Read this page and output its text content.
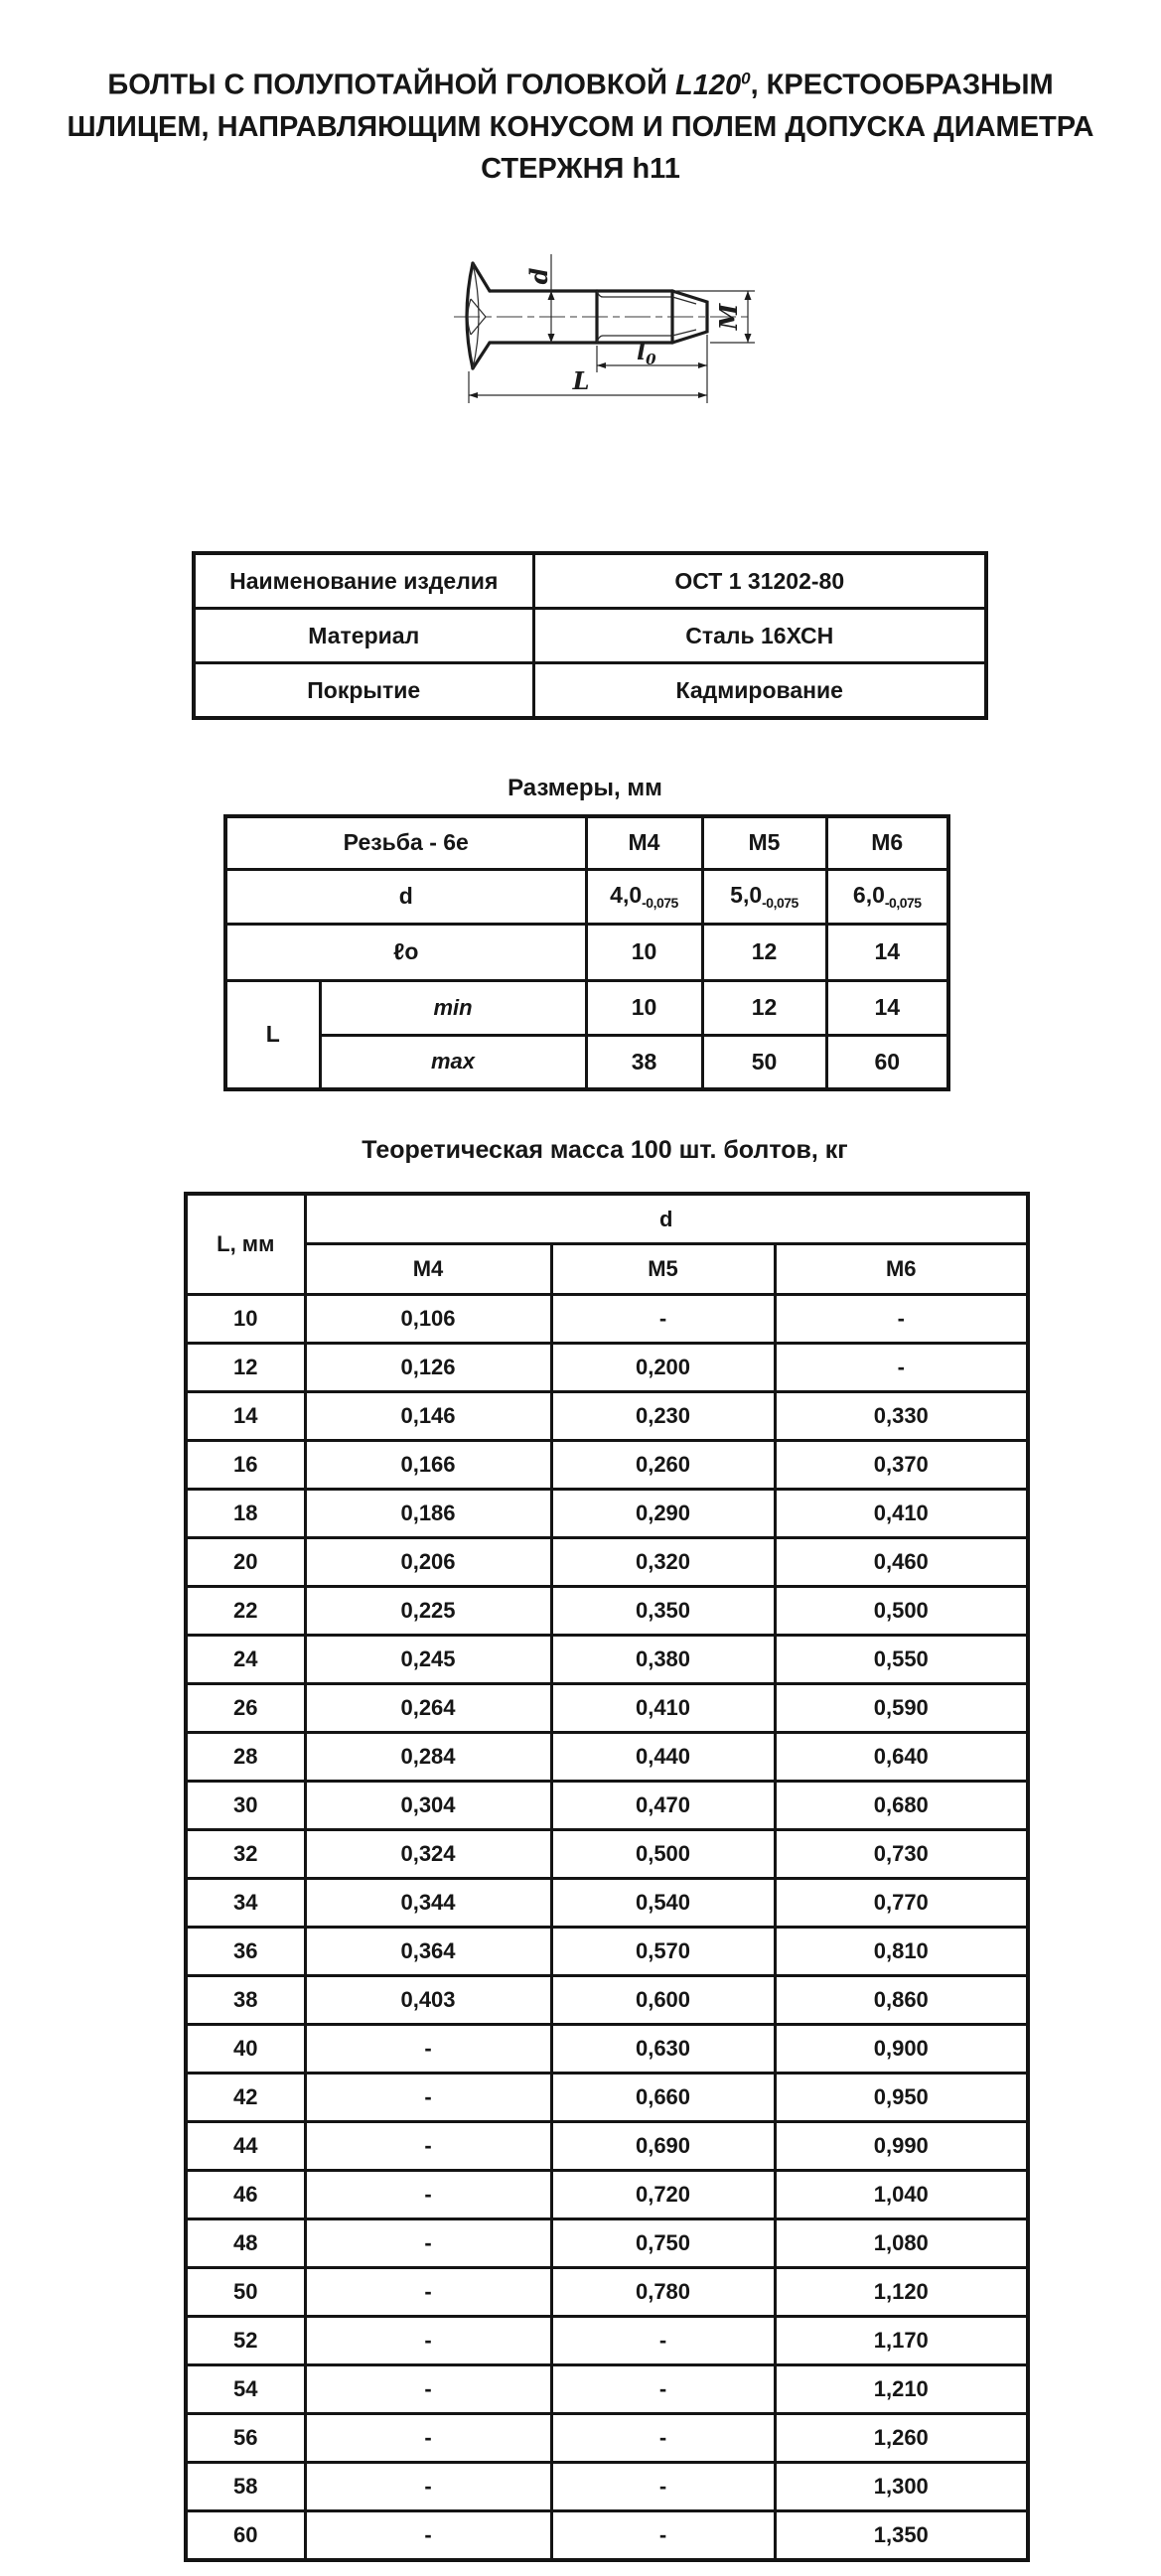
БОЛТЫ С ПОЛУПОТАЙНОЙ ГОЛОВКОЙ $L120^0$, КРЕСТООБРАЗНЫМ
ШЛИЦЕМ, НАПРАВЛЯЮЩИМ КОНУСОМ И ПОЛЕМ ДОПУСКА ДИАМЕТРА
СТЕРЖНЯ h11
d
M
$l_0$
L
Наименование изделия	ОСТ 1 31202-80
Материал	Сталь 16ХСН
Покрытие	Кадмирование
Размеры, мм
Резьба - 6е		М4	М5	М6
d		$4,0_{-0,075}$	$5,0_{-0,075}$	$6,0_{-0,075}$
ℓo		10	12	14
L	min	10	12	14
	max	38	50	60
Теоретическая масса 100 шт. болтов, кг
L, мм	d		
	М4	М5	М6
10	0,106	-	-
12	0,126	0,200	-
14	0,146	0,230	0,330
16	0,166	0,260	0,370
18	0,186	0,290	0,410
20	0,206	0,320	0,460
22	0,225	0,350	0,500
24	0,245	0,380	0,550
26	0,264	0,410	0,590
28	0,284	0,440	0,640
30	0,304	0,470	0,680
32	0,324	0,500	0,730
34	0,344	0,540	0,770
36	0,364	0,570	0,810
38	0,403	0,600	0,860
40	-	0,630	0,900
42	-	0,660	0,950
44	-	0,690	0,990
46	-	0,720	1,040
48	-	0,750	1,080
50	-	0,780	1,120
52	-	-	1,170
54	-	-	1,210
56	-	-	1,260
58	-	-	1,300
60	-	-	1,350
